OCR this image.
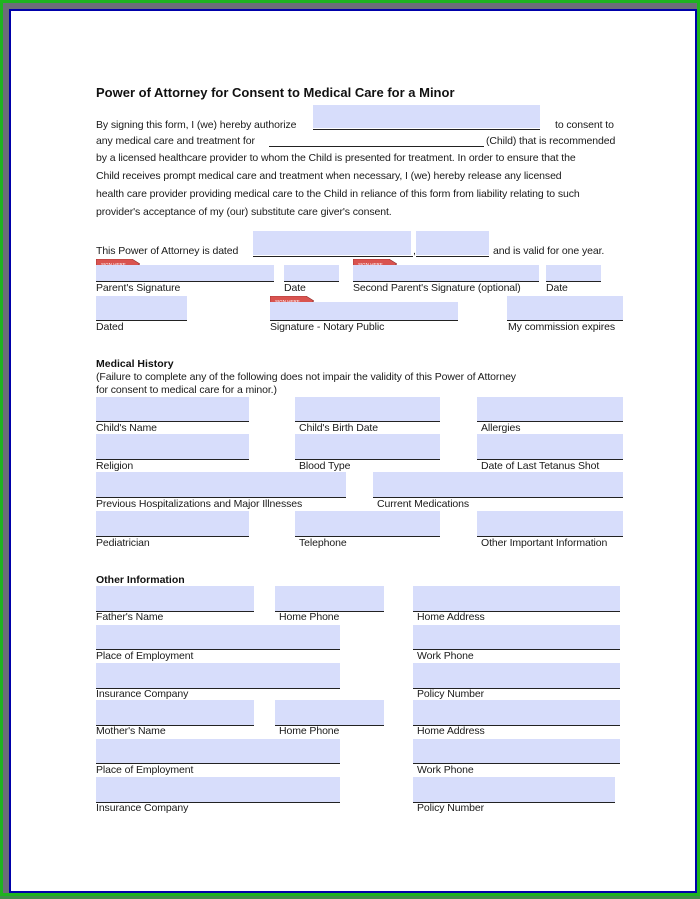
Power of Attorney for Consent to Medical Care for a Minor
By signing this form, I (we) hereby authorize	to consent to
any medical care and treatment for	(Child) that is recommended
by a licensed healthcare provider to whom the Child is presented for treatment. In order to ensure that the
Child receives prompt medical care and treatment when necessary, I (we) hereby release any licensed
health care provider providing medical care to the Child in reliance of this form from liability relating to such
provider's acceptance of my (our) substitute care giver's consent.
This Power of Attorney is dated	,	and is valid for one year.
Parent's Signature	Date	Second Parent's Signature (optional) Date
Dated	Signature - Notary Public	My commission expires
Medical History
(Failure to complete any of the following does not impair the validity of this Power of Attorney
for consent to medical care for a minor.)
Child's Name	Child's Birth Date	Allergies
Religion	Blood Type	Date of Last Tetanus Shot
Previous Hospitalizations and Major Illnesses	Current Medications
Pediatrician	Telephone	Other Important Information
Other Information
Father's Name	Home Phone	Home Address
Place of Employment	Work Phone
Insurance Company	Policy Number
Mother's Name	Home Phone	Home Address
Place of Employment	Work Phone
Insurance Company	Policy Number
